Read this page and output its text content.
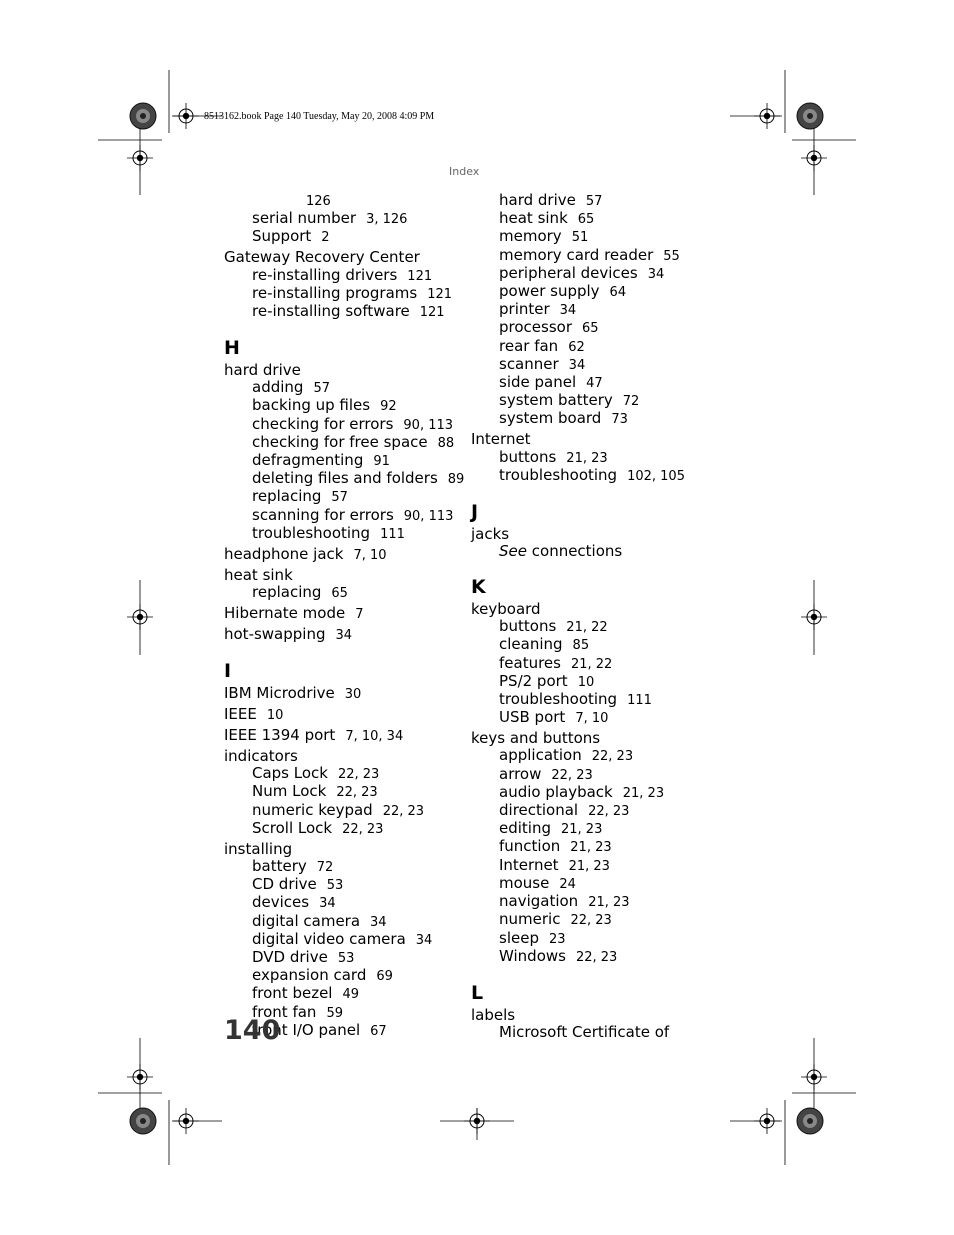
8513162.book Page 140 Tuesday, May 20, 2008 4:09 PM
Index
126
serial number 3, 126
Support 2
Gateway Recovery Center
re-installing drivers 121
re-installing programs 121
re-installing software 121
H
hard drive
adding 57
backing up files 92
checking for errors 90, 113
checking for free space 88
defragmenting 91
deleting files and folders 89
replacing 57
scanning for errors 90, 113
troubleshooting 111
headphone jack 7, 10
heat sink
replacing 65
Hibernate mode 7
hot-swapping 34
I
IBM Microdrive 30
IEEE 10
IEEE 1394 port 7, 10, 34
indicators
Caps Lock 22, 23
Num Lock 22, 23
numeric keypad 22, 23
Scroll Lock 22, 23
installing
battery 72
CD drive 53
devices 34
digital camera 34
digital video camera 34
DVD drive 53
expansion card 69
front bezel 49
front fan 59
front I/O panel 67
hard drive 57
heat sink 65
memory 51
memory card reader 55
peripheral devices 34
power supply 64
printer 34
processor 65
rear fan 62
scanner 34
side panel 47
system battery 72
system board 73
Internet
buttons 21, 23
troubleshooting 102, 105
J
jacks
See connections
K
keyboard
buttons 21, 22
cleaning 85
features 21, 22
PS/2 port 10
troubleshooting 111
USB port 7, 10
keys and buttons
application 22, 23
arrow 22, 23
audio playback 21, 23
directional 22, 23
editing 21, 23
function 21, 23
Internet 21, 23
mouse 24
navigation 21, 23
numeric 22, 23
sleep 23
Windows 22, 23
L
labels
Microsoft Certificate of
140
